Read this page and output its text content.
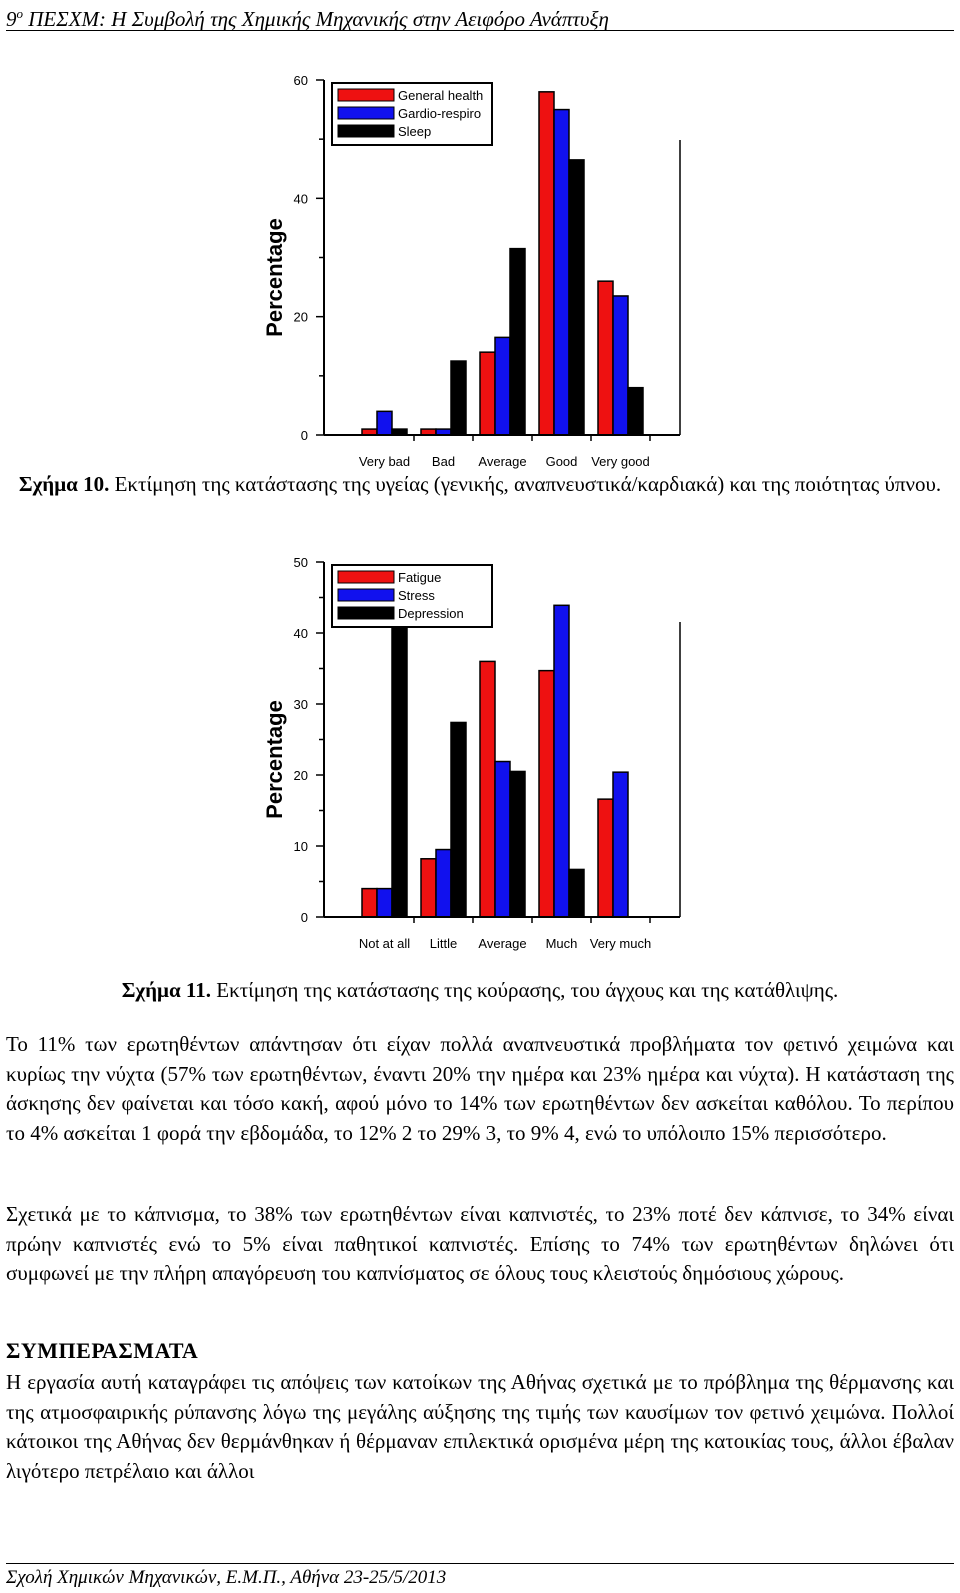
$9^o$ ΠΕΣΧΜ: Η Συμβολή της Χημικής Μηχανικής στην Αειφόρο Ανάπτυξη
Percentage
0
20
40
60
Very bad Bad Average Good Very good
General health
Gardio-respiro
Sleep
Σχήμα 10. Εκτίμηση της κατάστασης της υγείας (γενικής, αναπνευστικά/καρδιακά) και της ποιότητας ύπνου.
Percentage
0
10
20
30
40
50
Not at all Little Average Much Very much
Fatigue
Stress
Depression
Σχήμα 11. Εκτίμηση της κατάστασης της κούρασης, του άγχους και της κατάθλιψης.
Το 11% των ερωτηθέντων απάντησαν ότι είχαν πολλά αναπνευστικά προβλήματα τον φετινό χειμώνα και κυρίως την νύχτα (57% των ερωτηθέντων, έναντι 20% την ημέρα και 23% ημέρα και νύχτα). Η κατάσταση της άσκησης δεν φαίνεται και τόσο κακή, αφού μόνο το 14% των ερωτηθέντων δεν ασκείται καθόλου. Το περίπου το 4% ασκείται 1 φορά την εβδομάδα, το 12% 2 το 29% 3, το 9% 4, ενώ το υπόλοιπο 15% περισσότερο.
Σχετικά με το κάπνισμα, το 38% των ερωτηθέντων είναι καπνιστές, το 23% ποτέ δεν κάπνισε, το 34% είναι πρώην καπνιστές ενώ το 5% είναι παθητικοί καπνιστές. Επίσης το 74% των ερωτηθέντων δηλώνει ότι συμφωνεί με την πλήρη απαγόρευση του καπνίσματος σε όλους τους κλειστούς δημόσιους χώρους.
ΣΥΜΠΕΡΑΣΜΑΤΑ
Η εργασία αυτή καταγράφει τις απόψεις των κατοίκων της Αθήνας σχετικά με το πρόβλημα της θέρμανσης και της ατμοσφαιρικής ρύπανσης λόγω της μεγάλης αύξησης της τιμής των καυσίμων τον φετινό χειμώνα. Πολλοί κάτοικοι της Αθήνας δεν θερμάνθηκαν ή θέρμαναν επιλεκτικά ορισμένα μέρη της κατοικίας τους, άλλοι έβαλαν λιγότερο πετρέλαιο και άλλοι
Σχολή Χημικών Μηχανικών, Ε.Μ.Π., Αθήνα 23-25/5/2013
